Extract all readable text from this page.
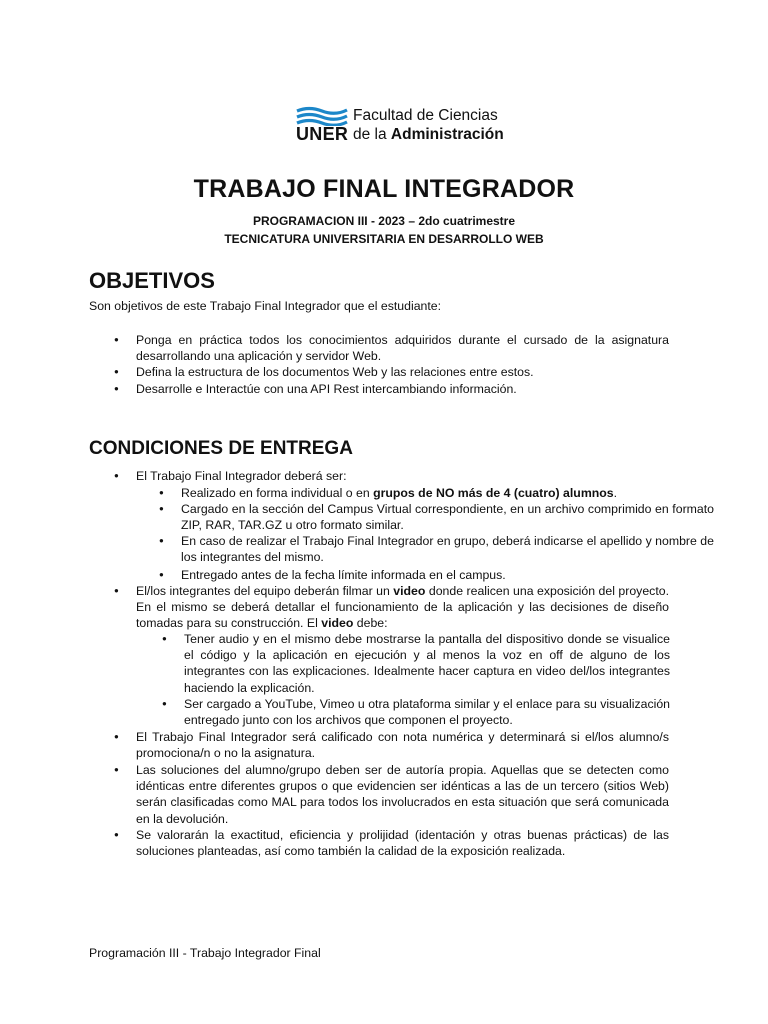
UNER
Facultad de Ciencias
de la Administración
TRABAJO FINAL INTEGRADOR
PROGRAMACION III - 2023 – 2do cuatrimestre
TECNICATURA UNIVERSITARIA EN DESARROLLO WEB
OBJETIVOS
Son objetivos de este Trabajo Final Integrador que el estudiante:
● Ponga en práctica todos los conocimientos adquiridos durante el cursado de la asignatura desarrollando una aplicación y servidor Web.
● Defina la estructura de los documentos Web y las relaciones entre estos.
● Desarrolle e Interactúe con una API Rest intercambiando información.
CONDICIONES DE ENTREGA
● El Trabajo Final Integrador deberá ser:
● Realizado en forma individual o en grupos de NO más de 4 (cuatro) alumnos.
● Cargado en la sección del Campus Virtual correspondiente, en un archivo comprimido en formato ZIP, RAR, TAR.GZ u otro formato similar.
● En caso de realizar el Trabajo Final Integrador en grupo, deberá indicarse el apellido y nombre de los integrantes del mismo.
● Entregado antes de la fecha límite informada en el campus.
● El/los integrantes del equipo deberán filmar un video donde realicen una exposición del proyecto. En el mismo se deberá detallar el funcionamiento de la aplicación y las decisiones de diseño tomadas para su construcción. El video debe:
● Tener audio y en el mismo debe mostrarse la pantalla del dispositivo donde se visualice el código y la aplicación en ejecución y al menos la voz en off de alguno de los integrantes con las explicaciones. Idealmente hacer captura en video del/los integrantes haciendo la explicación.
● Ser cargado a YouTube, Vimeo u otra plataforma similar y el enlace para su visualización entregado junto con los archivos que componen el proyecto.
● El Trabajo Final Integrador será calificado con nota numérica y determinará si el/los alumno/s promociona/n o no la asignatura.
● Las soluciones del alumno/grupo deben ser de autoría propia. Aquellas que se detecten como idénticas entre diferentes grupos o que evidencien ser idénticas a las de un tercero (sitios Web) serán clasificadas como MAL para todos los involucrados en esta situación que será comunicada en la devolución.
● Se valorarán la exactitud, eficiencia y prolijidad (identación y otras buenas prácticas) de las soluciones planteadas, así como también la calidad de la exposición realizada.
Programación III - Trabajo Integrador Final
